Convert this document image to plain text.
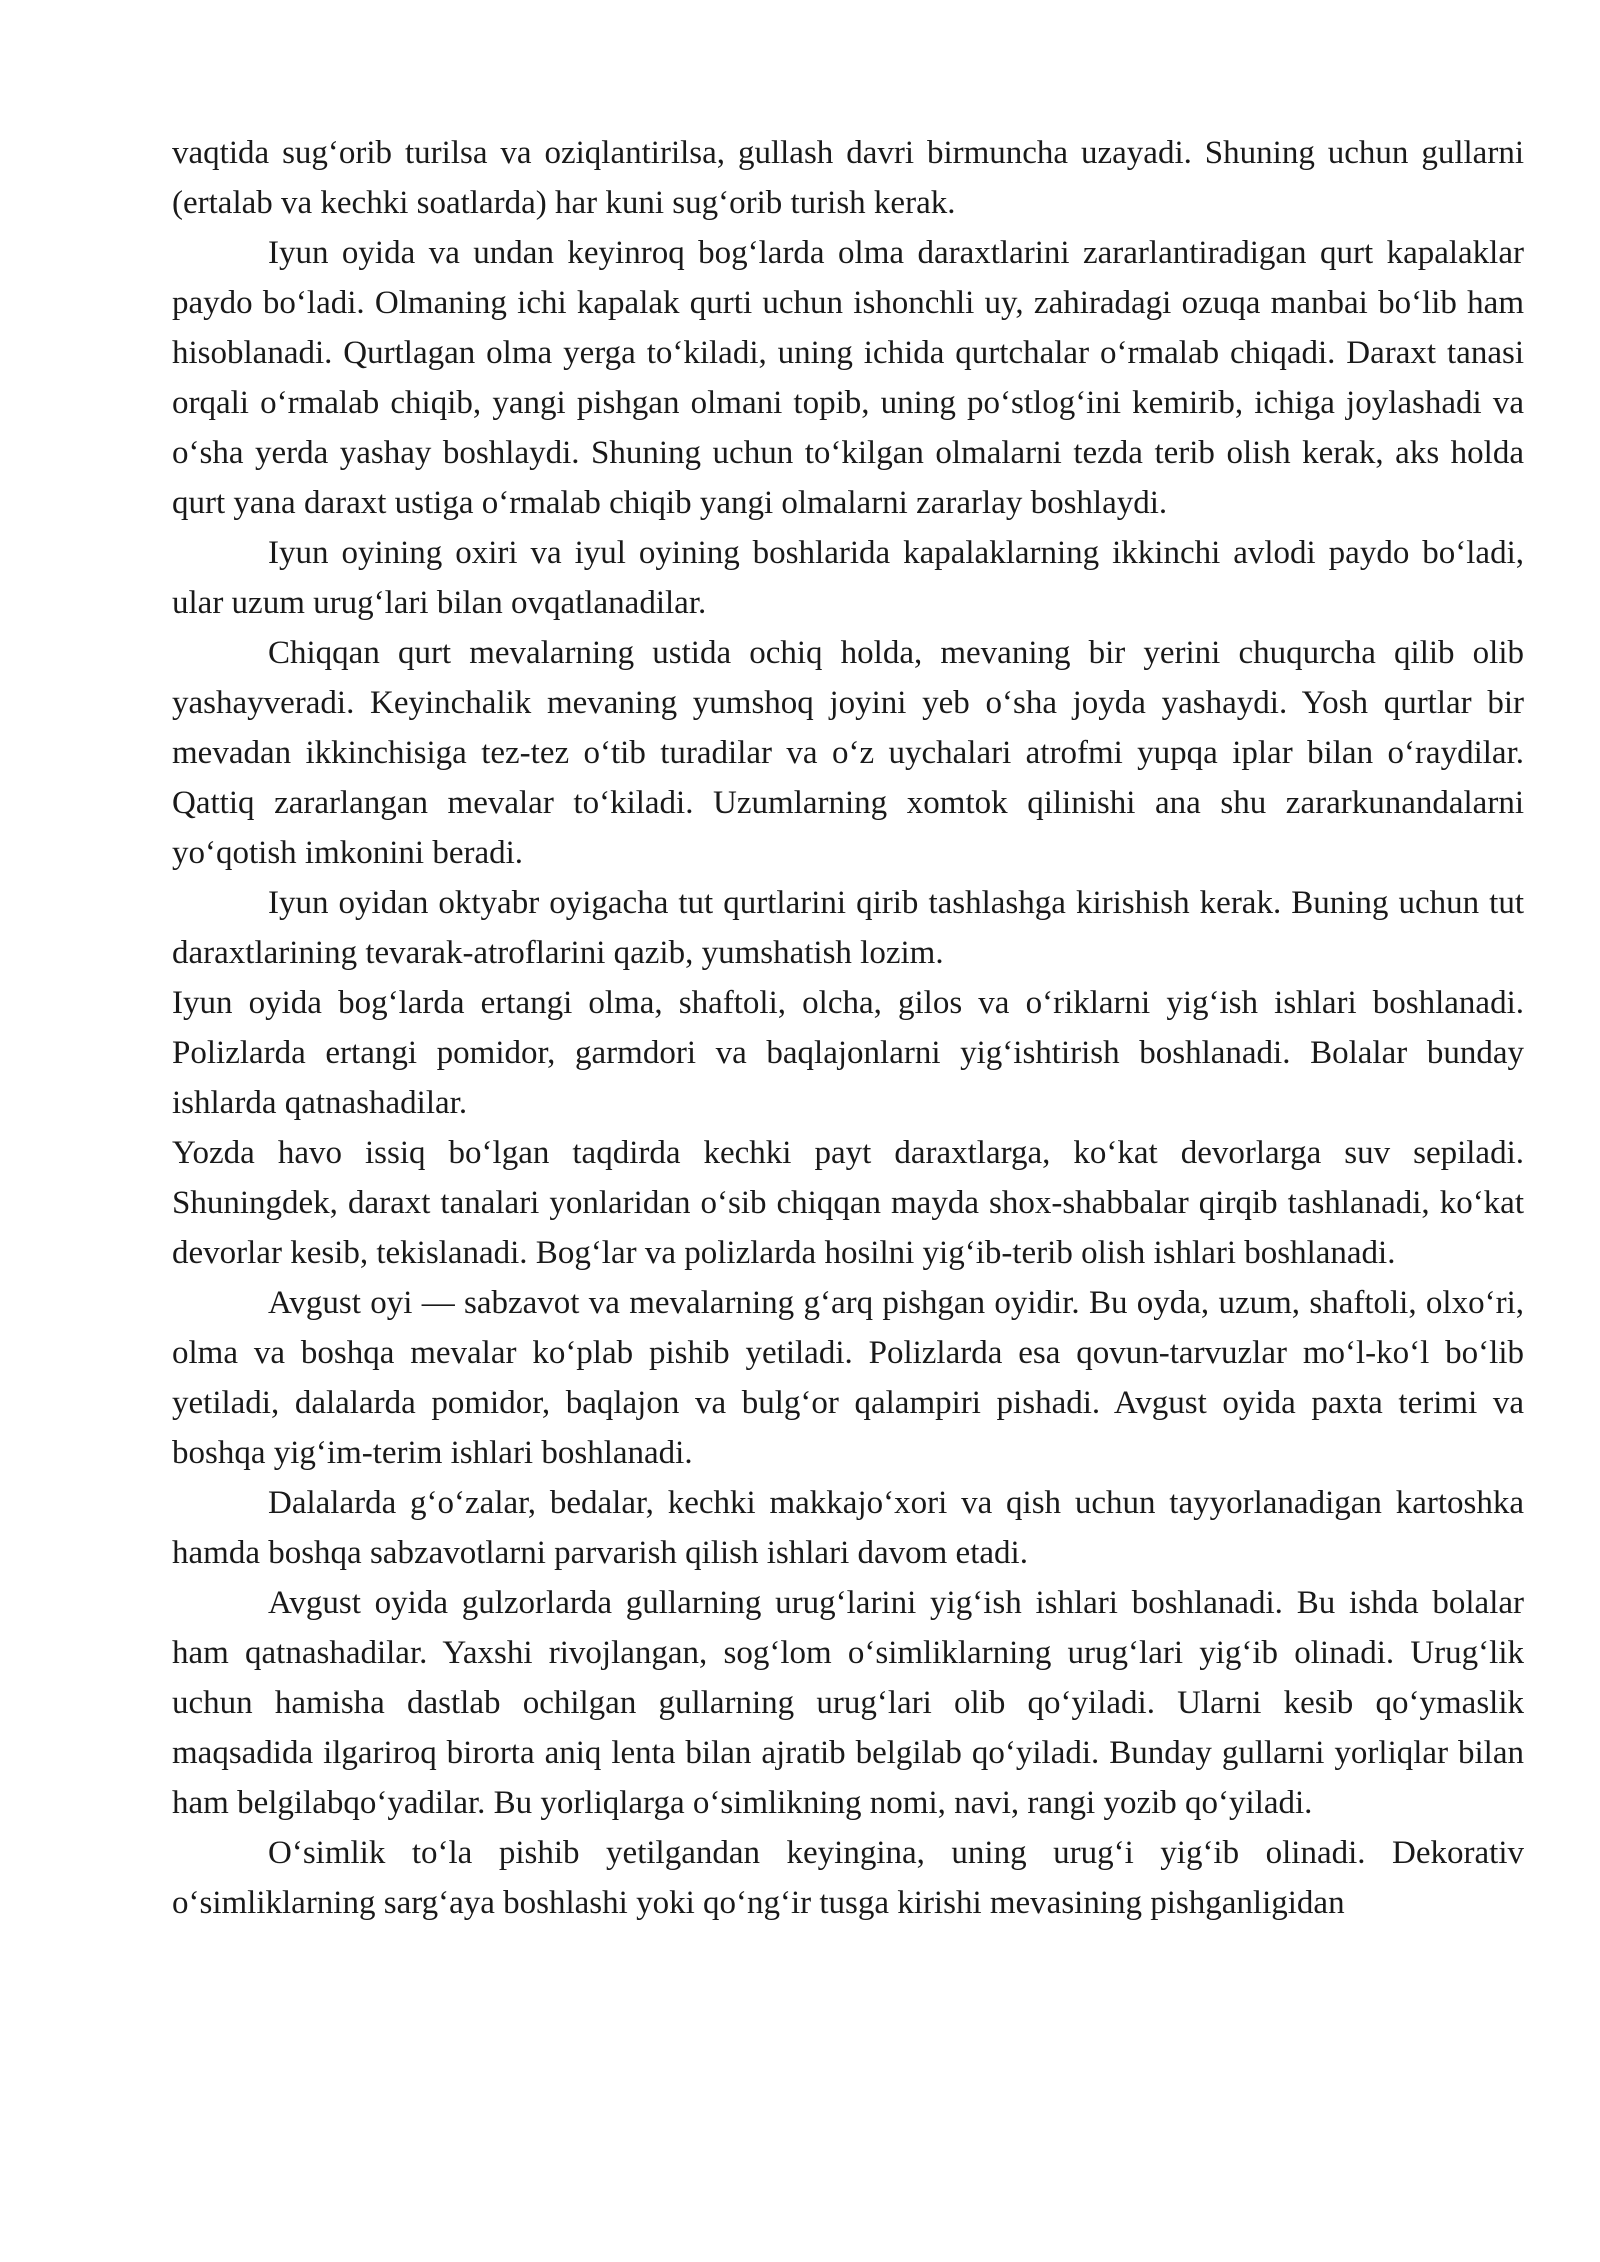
vaqtida sug‘orib turilsa va oziqlantirilsa, gullash davri birmuncha uzayadi. Shuning uchun gullarni (ertalab va kechki soatlarda) har kuni sug‘orib turish kerak.

Iyun oyida va undan keyinroq bog‘larda olma daraxtlarini zararlantiradigan qurt kapalaklar paydo bo‘ladi. Olmaning ichi kapalak qurti uchun ishonchli uy, zahiradagi ozuqa manbai bo‘lib ham hisoblanadi. Qurtlagan olma yerga to‘kiladi, uning ichida qurtchalar o‘rmalab chiqadi. Daraxt tanasi orqali o‘rmalab chiqib, yangi pishgan olmani topib, uning po‘stlog‘ini kemirib, ichiga joylashadi va o‘sha yerda yashay boshlaydi. Shuning uchun to‘kilgan olmalarni tezda terib olish kerak, aks holda qurt yana daraxt ustiga o‘rmalab chiqib yangi olmalarni zararlay boshlaydi.

Iyun oyining oxiri va iyul oyining boshlarida kapalaklarning ikkinchi avlodi paydo bo‘ladi, ular uzum urug‘lari bilan ovqatlanadilar.

Chiqqan qurt mevalarning ustida ochiq holda, mevaning bir yerini chuqurcha qilib olib yashayveradi. Keyinchalik mevaning yumshoq joyini yeb o‘sha joyda yashaydi. Yosh qurtlar bir mevadan ikkinchisiga tez-tez o‘tib turadilar va o‘z uychalari atrofmi yupqa iplar bilan o‘raydilar. Qattiq zararlangan mevalar to‘kiladi. Uzumlarning xomtok qilinishi ana shu zararkunandalarni yo‘qotish imkonini beradi.

Iyun oyidan oktyabr oyigacha tut qurtlarini qirib tashlashga kirishish kerak. Buning uchun tut daraxtlarining tevarak-atroflarini qazib, yumshatish lozim.

Iyun oyida bog‘larda ertangi olma, shaftoli, olcha, gilos va o‘riklarni yig‘ish ishlari boshlanadi. Polizlarda ertangi pomidor, garmdori va baqlajonlarni yig‘ishtirish boshlanadi. Bolalar bunday ishlarda qatnashadilar.

Yozda havo issiq bo‘lgan taqdirda kechki payt daraxtlarga, ko‘kat devorlarga suv sepiladi. Shuningdek, daraxt tanalari yonlaridan o‘sib chiqqan mayda shox-shabbalar qirqib tashlanadi, ko‘kat devorlar kesib, tekislanadi. Bog‘lar va polizlarda hosilni yig‘ib-terib olish ishlari boshlanadi.

Avgust oyi — sabzavot va mevalarning g‘arq pishgan oyidir. Bu oyda, uzum, shaftoli, olxo‘ri, olma va boshqa mevalar ko‘plab pishib yetiladi. Polizlarda esa qovun-tarvuzlar mo‘l-ko‘l bo‘lib yetiladi, dalalarda pomidor, baqlajon va bulg‘or qalampiri pishadi. Avgust oyida paxta terimi va boshqa yig‘im-terim ishlari boshlanadi.

Dalalarda g‘o‘zalar, bedalar, kechki makkajo‘xori va qish uchun tayyorlanadigan kartoshka hamda boshqa sabzavotlarni parvarish qilish ishlari davom etadi.

Avgust oyida gulzorlarda gullarning urug‘larini yig‘ish ishlari boshlanadi. Bu ishda bolalar ham qatnashadilar. Yaxshi rivojlangan, sog‘lom o‘simliklarning urug‘lari yig‘ib olinadi. Urug‘lik uchun hamisha dastlab ochilgan gullarning urug‘lari olib qo‘yiladi. Ularni kesib qo‘ymaslik maqsadida ilgariroq birorta aniq lenta bilan ajratib belgilab qo‘yiladi. Bunday gullarni yorliqlar bilan ham belgilabqo‘yadilar. Bu yorliqlarga o‘simlikning nomi, navi, rangi yozib qo‘yiladi.

O‘simlik to‘la pishib yetilgandan keyingina, uning urug‘i yig‘ib olinadi. Dekorativ o‘simliklarning sarg‘aya boshlashi yoki qo‘ng‘ir tusga kirishi mevasining pishganligidan
